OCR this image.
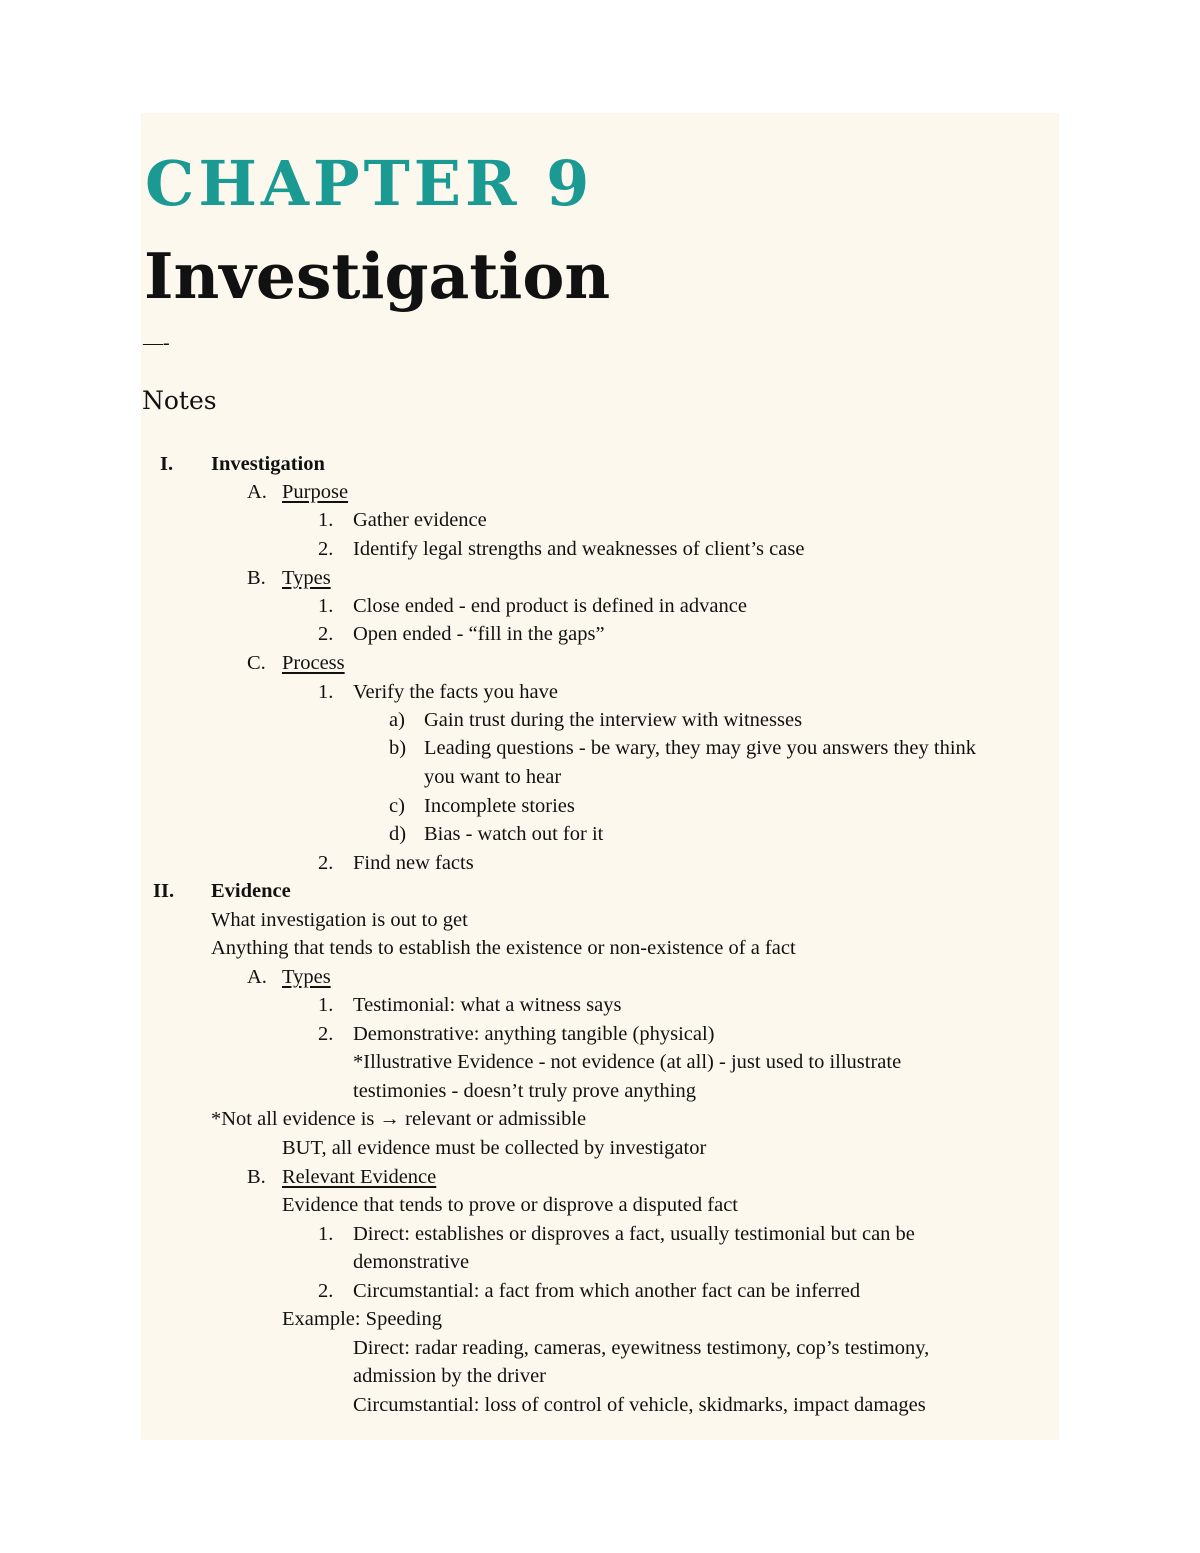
CHAPTER 9
Investigation
—-
Notes
I. Investigation
A. Purpose
1. Gather evidence
2. Identify legal strengths and weaknesses of client’s case
B. Types
1. Close ended - end product is defined in advance
2. Open ended - “fill in the gaps”
C. Process
1. Verify the facts you have
a) Gain trust during the interview with witnesses
b) Leading questions - be wary, they may give you answers they think
you want to hear
c) Incomplete stories
d) Bias - watch out for it
2. Find new facts
II. Evidence
What investigation is out to get
Anything that tends to establish the existence or non-existence of a fact
A. Types
1. Testimonial: what a witness says
2. Demonstrative: anything tangible (physical)
*Illustrative Evidence - not evidence (at all) - just used to illustrate
testimonies - doesn’t truly prove anything
*Not all evidence is → relevant or admissible
BUT, all evidence must be collected by investigator
B. Relevant Evidence
Evidence that tends to prove or disprove a disputed fact
1. Direct: establishes or disproves a fact, usually testimonial but can be
demonstrative
2. Circumstantial: a fact from which another fact can be inferred
Example: Speeding
Direct: radar reading, cameras, eyewitness testimony, cop’s testimony,
admission by the driver
Circumstantial: loss of control of vehicle, skidmarks, impact damages
